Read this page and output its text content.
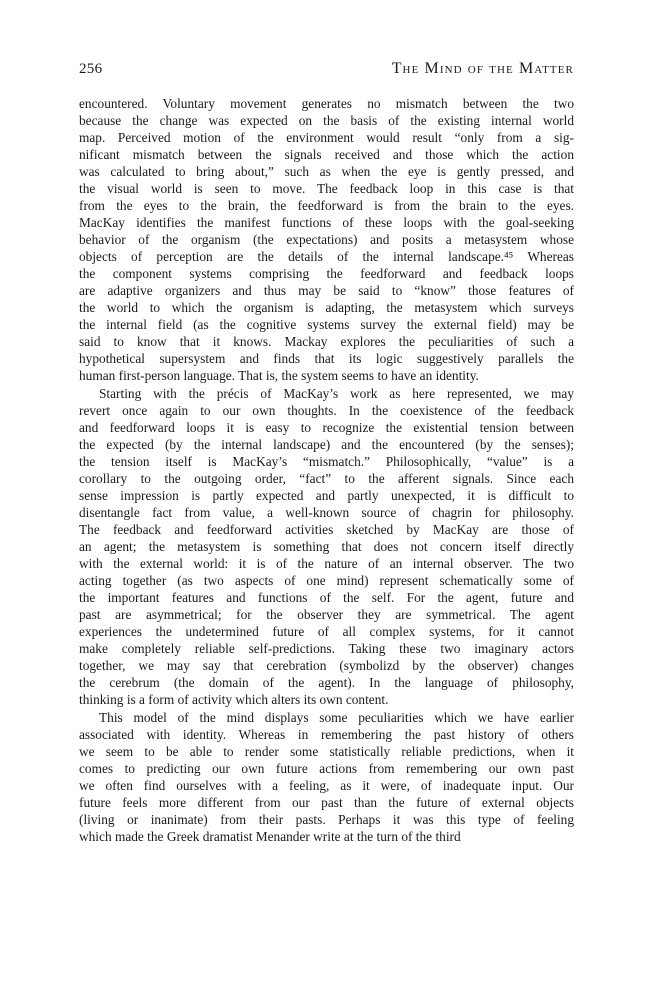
256	The Mind of the Matter
encountered. Voluntary movement generates no mismatch between the two
because the change was expected on the basis of the existing internal world
map. Perceived motion of the environment would result “only from a sig-
nificant mismatch between the signals received and those which the action
was calculated to bring about,” such as when the eye is gently pressed, and
the visual world is seen to move. The feedback loop in this case is that
from the eyes to the brain, the feedforward is from the brain to the eyes.
MacKay identifies the manifest functions of these loops with the goal-seeking
behavior of the organism (the expectations) and posits a metasystem whose
objects of perception are the details of the internal landscape.⁴⁵ Whereas
the component systems comprising the feedforward and feedback loops
are adaptive organizers and thus may be said to “know” those features of
the world to which the organism is adapting, the metasystem which surveys
the internal field (as the cognitive systems survey the external field) may be
said to know that it knows. Mackay explores the peculiarities of such a
hypothetical supersystem and finds that its logic suggestively parallels the
human first-person language. That is, the system seems to have an identity.
Starting with the précis of MacKay’s work as here represented, we may
revert once again to our own thoughts. In the coexistence of the feedback
and feedforward loops it is easy to recognize the existential tension between
the expected (by the internal landscape) and the encountered (by the senses);
the tension itself is MacKay’s “mismatch.” Philosophically, “value” is a
corollary to the outgoing order, “fact” to the afferent signals. Since each
sense impression is partly expected and partly unexpected, it is difficult to
disentangle fact from value, a well-known source of chagrin for philosophy.
The feedback and feedforward activities sketched by MacKay are those of
an agent; the metasystem is something that does not concern itself directly
with the external world: it is of the nature of an internal observer. The two
acting together (as two aspects of one mind) represent schematically some of
the important features and functions of the self. For the agent, future and
past are asymmetrical; for the observer they are symmetrical. The agent
experiences the undetermined future of all complex systems, for it cannot
make completely reliable self-predictions. Taking these two imaginary actors
together, we may say that cerebration (symbolizd by the observer) changes
the cerebrum (the domain of the agent). In the language of philosophy,
thinking is a form of activity which alters its own content.
This model of the mind displays some peculiarities which we have earlier
associated with identity. Whereas in remembering the past history of others
we seem to be able to render some statistically reliable predictions, when it
comes to predicting our own future actions from remembering our own past
we often find ourselves with a feeling, as it were, of inadequate input. Our
future feels more different from our past than the future of external objects
(living or inanimate) from their pasts. Perhaps it was this type of feeling
which made the Greek dramatist Menander write at the turn of the third
